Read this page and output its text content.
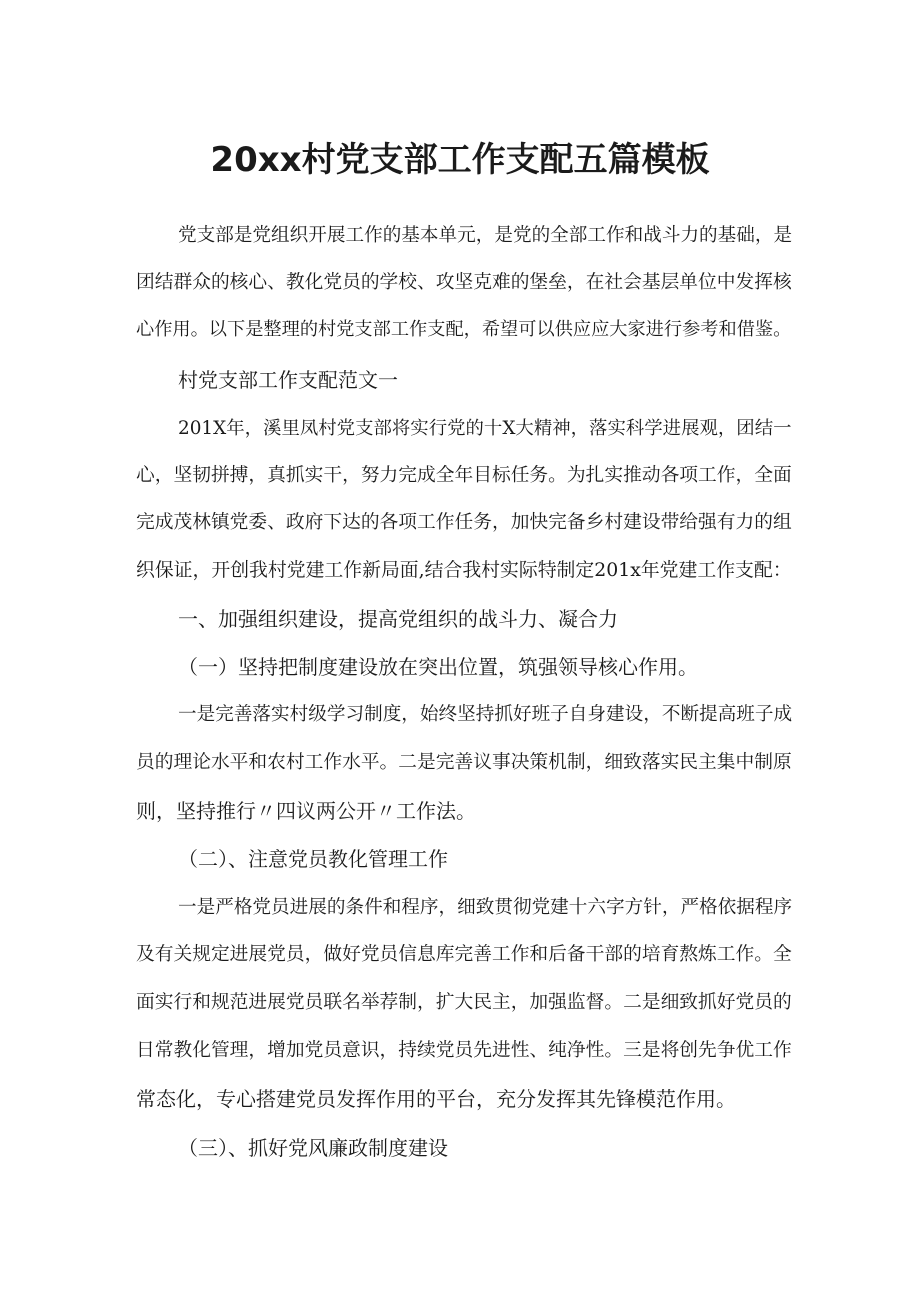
20xx村党支部工作支配五篇模板

党支部是党组织开展工作的基本单元，是党的全部工作和战斗力的基础，是

团结群众的核心、教化党员的学校、攻坚克难的堡垒，在社会基层单位中发挥核

心作用。以下是整理的村党支部工作支配，希望可以供应应大家进行参考和借鉴。

村党支部工作支配范文一

201X年，溪里凤村党支部将实行党的十X大精神，落实科学进展观，团结一

心，坚韧拼搏，真抓实干，努力完成全年目标任务。为扎实推动各项工作，全面

完成茂林镇党委、政府下达的各项工作任务，加快完备乡村建设带给强有力的组

织保证，开创我村党建工作新局面,结合我村实际特制定201x年党建工作支配：

一、加强组织建设，提高党组织的战斗力、凝合力

（一）坚持把制度建设放在突出位置，筑强领导核心作用。

一是完善落实村级学习制度，始终坚持抓好班子自身建设，不断提高班子成

员的理论水平和农村工作水平。二是完善议事决策机制，细致落实民主集中制原

则，坚持推行〃四议两公开〃工作法。

（二）、注意党员教化管理工作

一是严格党员进展的条件和程序，细致贯彻党建十六字方针，严格依据程序

及有关规定进展党员，做好党员信息库完善工作和后备干部的培育熬炼工作。全

面实行和规范进展党员联名举荐制，扩大民主，加强监督。二是细致抓好党员的

日常教化管理，增加党员意识，持续党员先进性、纯净性。三是将创先争优工作

常态化，专心搭建党员发挥作用的平台，充分发挥其先锋模范作用。

（三）、抓好党风廉政制度建设
